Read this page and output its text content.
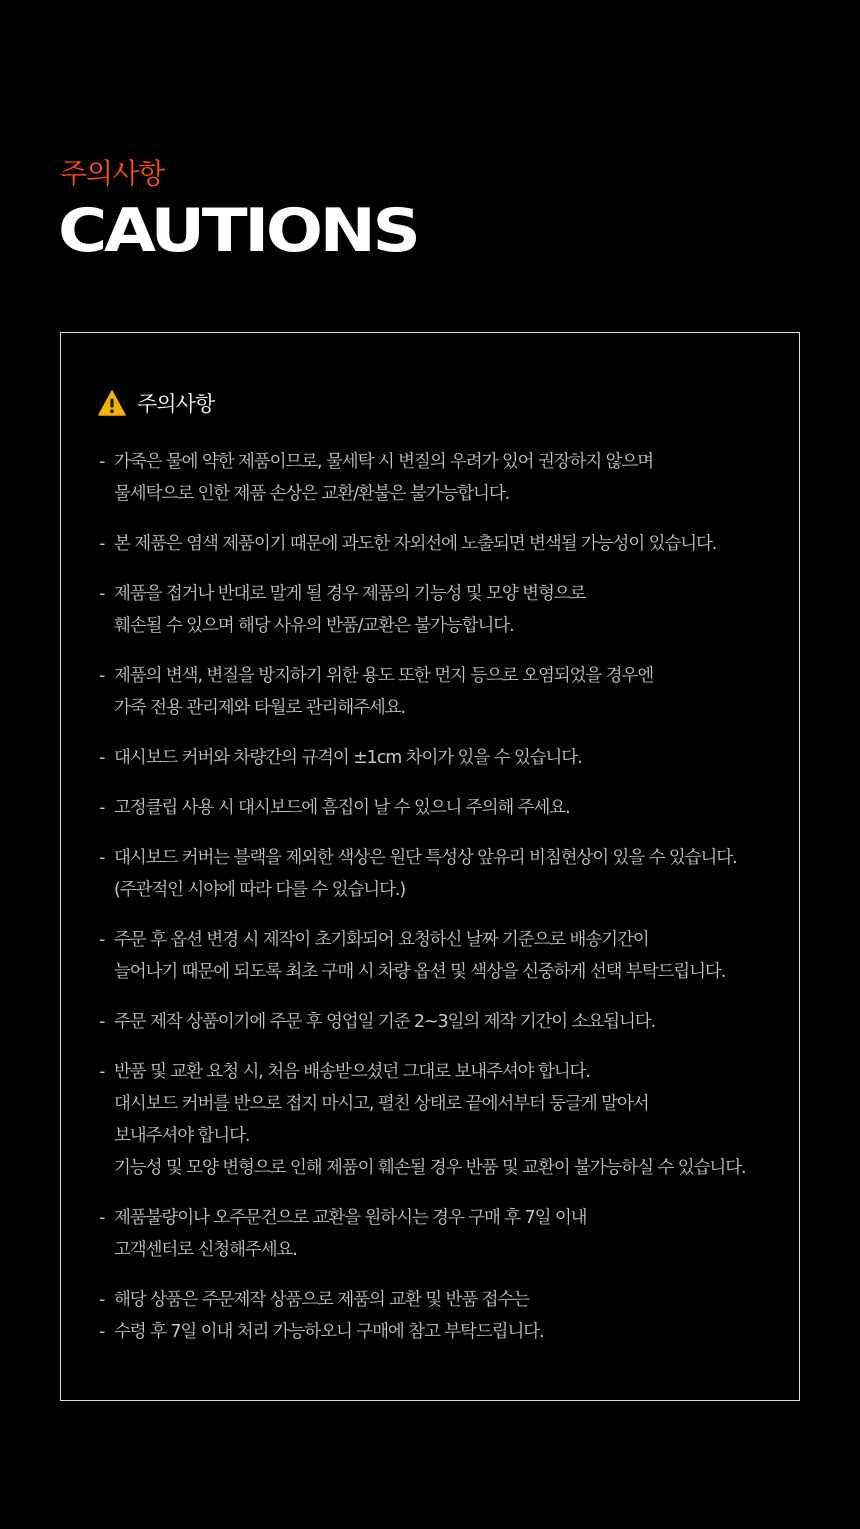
주의사항
CAUTIONS
주의사항
- 가죽은 물에 약한 제품이므로, 물세탁 시 변질의 우려가 있어 권장하지 않으며
물세탁으로 인한 제품 손상은 교환/환불은 불가능합니다.
- 본 제품은 염색 제품이기 때문에 과도한 자외선에 노출되면 변색될 가능성이 있습니다.
- 제품을 접거나 반대로 말게 될 경우 제품의 기능성 및 모양 변형으로
훼손될 수 있으며 해당 사유의 반품/교환은 불가능합니다.
- 제품의 변색, 변질을 방지하기 위한 용도 또한 먼지 등으로 오염되었을 경우엔
가죽 전용 관리제와 타월로 관리해주세요.
- 대시보드 커버와 차량간의 규격이 ±1cm 차이가 있을 수 있습니다.
- 고정클립 사용 시 대시보드에 흠집이 날 수 있으니 주의해 주세요.
- 대시보드 커버는 블랙을 제외한 색상은 원단 특성상 앞유리 비침현상이 있을 수 있습니다.
(주관적인 시야에 따라 다를 수 있습니다.)
- 주문 후 옵션 변경 시 제작이 초기화되어 요청하신 날짜 기준으로 배송기간이
늘어나기 때문에 되도록 최초 구매 시 차량 옵션 및 색상을 신중하게 선택 부탁드립니다.
- 주문 제작 상품이기에 주문 후 영업일 기준 2~3일의 제작 기간이 소요됩니다.
- 반품 및 교환 요청 시, 처음 배송받으셨던 그대로 보내주셔야 합니다.
대시보드 커버를 반으로 접지 마시고, 펼친 상태로 끝에서부터 둥글게 말아서
보내주셔야 합니다.
기능성 및 모양 변형으로 인해 제품이 훼손될 경우 반품 및 교환이 불가능하실 수 있습니다.
- 제품불량이나 오주문건으로 교환을 원하시는 경우 구매 후 7일 이내
고객센터로 신청해주세요.
- 해당 상품은 주문제작 상품으로 제품의 교환 및 반품 접수는
- 수령 후 7일 이내 처리 가능하오니 구매에 참고 부탁드립니다.
